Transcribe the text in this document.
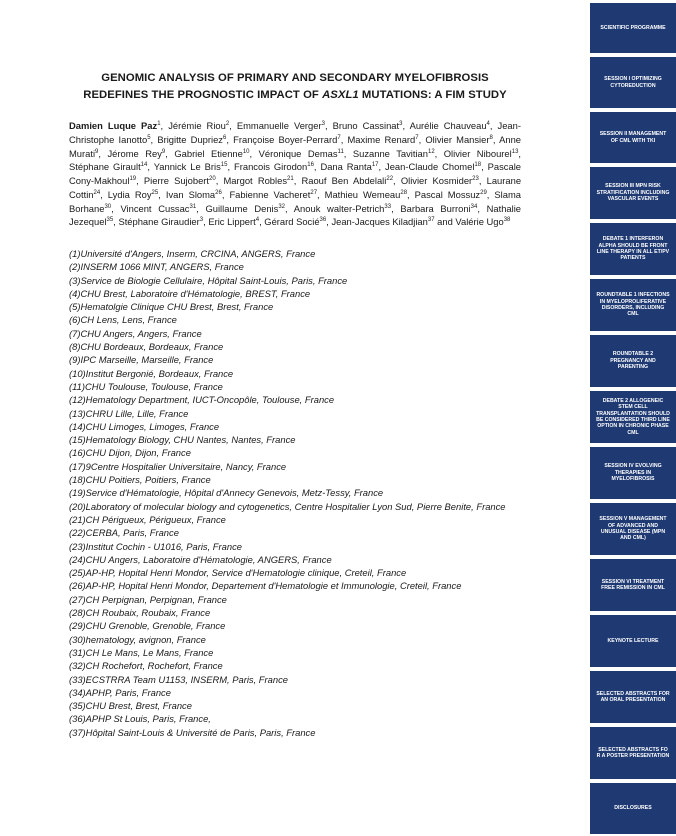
GENOMIC ANALYSIS OF PRIMARY AND SECONDARY MYELOFIBROSIS
REDEFINES THE PROGNOSTIC IMPACT OF ASXL1 MUTATIONS: A FIM STUDY
Damien Luque Paz$^1$, Jérémie Riou$^2$, Emmanuelle Verger$^3$, Bruno Cassinat$^3$, Aurélie Chauveau$^4$, Jean-Christophe Ianotto$^5$, Brigitte Dupriez$^6$, Françoise Boyer-Perrard$^7$, Maxime Renard$^7$, Olivier Mansier$^8$, Anne Murati$^9$, Jérome Rey$^9$, Gabriel Etienne$^{10}$, Véronique Demas$^{11}$, Suzanne Tavitian$^{12}$, Olivier Nibourel$^{13}$, Stéphane Girault$^{14}$, Yannick Le Bris$^{15}$, Francois Girodon$^{16}$, Dana Ranta$^{17}$, Jean-Claude Chomel$^{18}$, Pascale Cony-Makhoul$^{19}$, Pierre Sujobert$^{20}$, Margot Robles$^{21}$, Raouf Ben Abdelali$^{22}$, Olivier Kosmider$^{23}$, Laurane Cottin$^{24}$, Lydia Roy$^{25}$, Ivan Sloma$^{26}$, Fabienne Vacheret$^{27}$, Mathieu Wemeau$^{28}$, Pascal Mossuz$^{29}$, Slama Borhane$^{30}$, Vincent Cussac$^{31}$, Guillaume Denis$^{32}$, Anouk walter-Petrich$^{33}$, Barbara Burroni$^{34}$, Nathalie Jezequel$^{35}$, Stéphane Giraudier$^3$, Eric Lippert$^4$, Gérard Socié$^{36}$, Jean-Jacques Kiladjian$^{37}$ and Valérie Ugo$^{38}$
(1)Université d'Angers, Inserm, CRCINA, ANGERS, France
(2)INSERM 1066 MINT, ANGERS, France
(3)Service de Biologie Cellulaire, Hôpital Saint-Louis, Paris, France
(4)CHU Brest, Laboratoire d'Hématologie, BREST, France
(5)Hematolgie Clinique CHU Brest, Brest, France
(6)CH Lens, Lens, France
(7)CHU Angers, Angers, France
(8)CHU Bordeaux, Bordeaux, France
(9)IPC Marseille, Marseille, France
(10)Institut Bergonié, Bordeaux, France
(11)CHU Toulouse, Toulouse, France
(12)Hematology Department, IUCT-Oncopôle, Toulouse, France
(13)CHRU Lille, Lille, France
(14)CHU Limoges, Limoges, France
(15)Hematology Biology, CHU Nantes, Nantes, France
(16)CHU Dijon, Dijon, France
(17)9Centre Hospitalier Universitaire, Nancy, France
(18)CHU Poitiers, Poitiers, France
(19)Service d'Hématologie, Hôpital d'Annecy Genevois, Metz-Tessy, France
(20)Laboratory of molecular biology and cytogenetics, Centre Hospitalier Lyon Sud, Pierre Benite, France
(21)CH Périgueux, Périgueux, France
(22)CERBA, Paris, France
(23)Institut Cochin - U1016, Paris, France
(24)CHU Angers, Laboratoire d'Hématologie, ANGERS, France
(25)AP-HP, Hopital Henri Mondor, Service d'Hematologie clinique, Creteil, France
(26)AP-HP, Hopital Henri Mondor, Departement d'Hematologie et Immunologie, Creteil, France
(27)CH Perpignan, Perpignan, France
(28)CH Roubaix, Roubaix, France
(29)CHU Grenoble, Grenoble, France
(30)hematology, avignon, France
(31)CH Le Mans, Le Mans, France
(32)CH Rochefort, Rochefort, France
(33)ECSTRRA Team U1153, INSERM, Paris, France
(34)APHP, Paris, France
(35)CHU Brest, Brest, France
(36)APHP St Louis, Paris, France,
(37)Hôpital Saint-Louis & Université de Paris, Paris, France
SCIENTIFIC PROGRAMME
SESSION I OPTIMIZING CYTOREDUCTION
SESSION II MANAGEMENT OF CML WITH TKI
SESSION III MPN RISK STRATIFICATION INCLUDING VASCULAR EVENTS
DEBATE 1 INTERFERON ALPHA SHOULD BE FRONT LINE THERAPY IN ALL ET/PV PATIENTS
ROUNDTABLE 1 INFECTIONS IN MYELOPROLIFERATIVE DISORDERS, INCLUDING CML
ROUNDTABLE 2 PREGNANCY AND PARENTING
DEBATE 2 ALLOGENEIC STEM CELL TRANSPLANTATION SHOULD BE CONSIDERED THIRD LINE OPTION IN CHRONIC PHASE CML
SESSION IV EVOLVING THERAPIES IN MYELOFIBROSIS
SESSION V MANAGEMENT OF ADVANCED AND UNUSUAL DISEASE (MPN AND CML)
SESSION VI TREATMENT FREE REMISSION IN CML
KEYNOTE LECTURE
SELECTED ABSTRACTS FOR AN ORAL PRESENTATION
SELECTED ABSTRACTS FO R A POSTER PRESENTATION
DISCLOSURES
